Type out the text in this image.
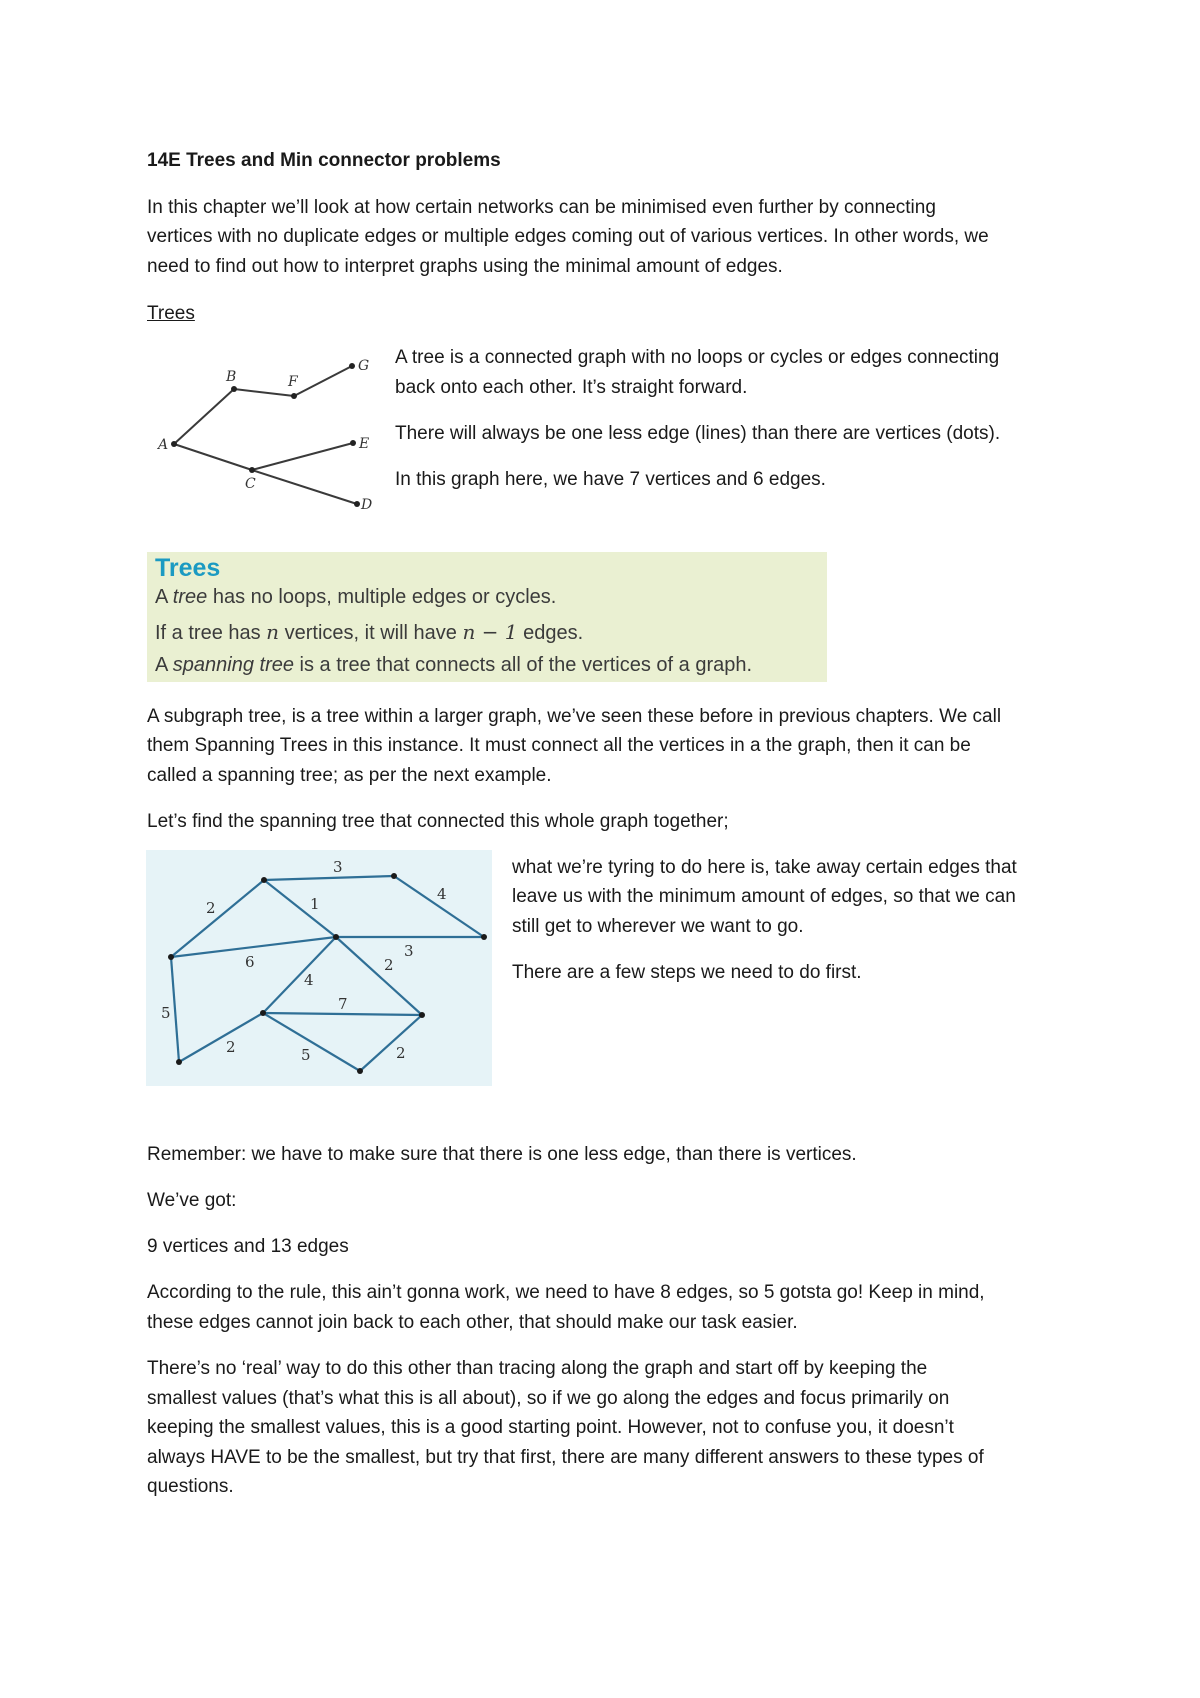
14E Trees and Min connector problems

In this chapter we’ll look at how certain networks can be minimised even further by connecting

vertices with no duplicate edges or multiple edges coming out of various vertices. In other words, we

need to find out how to interpret graphs using the minimal amount of edges.

Trees

A
B	F
G
C
E
D

A tree is a connected graph with no loops or cycles or edges connecting

back onto each other. It’s straight forward.

There will always be one less edge (lines) than there are vertices (dots).

In this graph here, we have 7 vertices and 6 edges.

Trees
A tree has no loops, multiple edges or cycles.
If a tree has n vertices, it will have n − 1 edges.
A spanning tree is a tree that connects all of the vertices of a graph.

A subgraph tree, is a tree within a larger graph, we’ve seen these before in previous chapters. We call

them Spanning Trees in this instance. It must connect all the vertices in a the graph, then it can be

called a spanning tree; as per the next example.

Let’s find the spanning tree that connected this whole graph together;

3
4
2	1
3
6
4
2
7
5
2	5	2

what we’re tyring to do here is, take away certain edges that

leave us with the minimum amount of edges, so that we can

still get to wherever we want to go.

There are a few steps we need to do first.

Remember: we have to make sure that there is one less edge, than there is vertices.

We’ve got:

9 vertices and 13 edges

According to the rule, this ain’t gonna work, we need to have 8 edges, so 5 gotsta go! Keep in mind,

these edges cannot join back to each other, that should make our task easier.

There’s no ‘real’ way to do this other than tracing along the graph and start off by keeping the

smallest values (that’s what this is all about), so if we go along the edges and focus primarily on

keeping the smallest values, this is a good starting point. However, not to confuse you, it doesn’t

always HAVE to be the smallest, but try that first, there are many different answers to these types of

questions.
